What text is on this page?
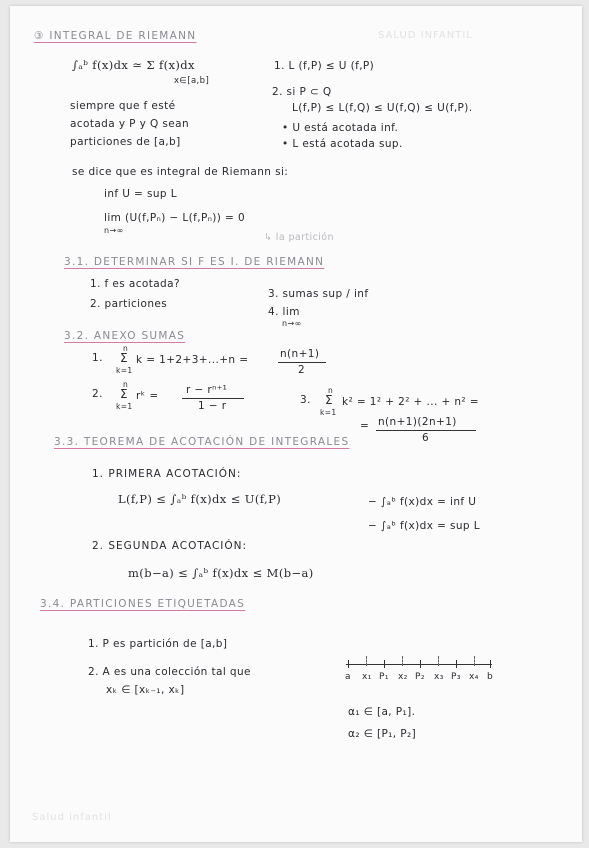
SALUD INFANTIL
Salud infantil
③ INTEGRAL DE RIEMANN
∫ₐᵇ f(x)dx ≃ Σ f(x)dx
x∈[a,b]
1. L (f,P) ≤ U (f,P)
2. si P ⊂ Q
L(f,P) ≤ L(f,Q) ≤ U(f,Q) ≤ U(f,P).
• U está acotada inf.
• L está acotada sup.
siempre que f esté
acotada y P y Q sean
particiones de [a,b]
se dice que es integral de Riemann si:
inf U = sup L
lim (U(f,Pₙ) − L(f,Pₙ)) = 0
n→∞
↳ la partición
3.1. DETERMINAR SI F ES I. DE RIEMANN
1. f es acotada?
2. particiones
3. sumas sup / inf
4. lim
n→∞
3.2. ANEXO SUMAS
1.
n
Σ
k=1
k = 1+2+3+...+n =	n(n+1)
2
2.
n
Σ
k=1
rᵏ =	r − rⁿ⁺¹
1 − r	3.
n
Σ
k=1
k² = 1² + 2² + ... + n² =
= n(n+1)(2n+1)
6
3.3. TEOREMA DE ACOTACIÓN DE INTEGRALES
1. PRIMERA ACOTACIÓN:
L(f,P) ≤ ∫ₐᵇ f(x)dx ≤ U(f,P)	− ∫ₐᵇ f(x)dx = inf U
− ∫ₐᵇ f(x)dx = sup L
2. SEGUNDA ACOTACIÓN:
m(b−a) ≤ ∫ₐᵇ f(x)dx ≤ M(b−a)
3.4. PARTICIONES ETIQUETADAS
1. P es partición de [a,b]
2. A es una colección tal que
xₖ ∈ [xₖ₋₁, xₖ]
a x₁ P₁ x₂ P₂ x₃ P₃ x₄ b
α₁ ∈ [a, P₁].
α₂ ∈ [P₁, P₂]
